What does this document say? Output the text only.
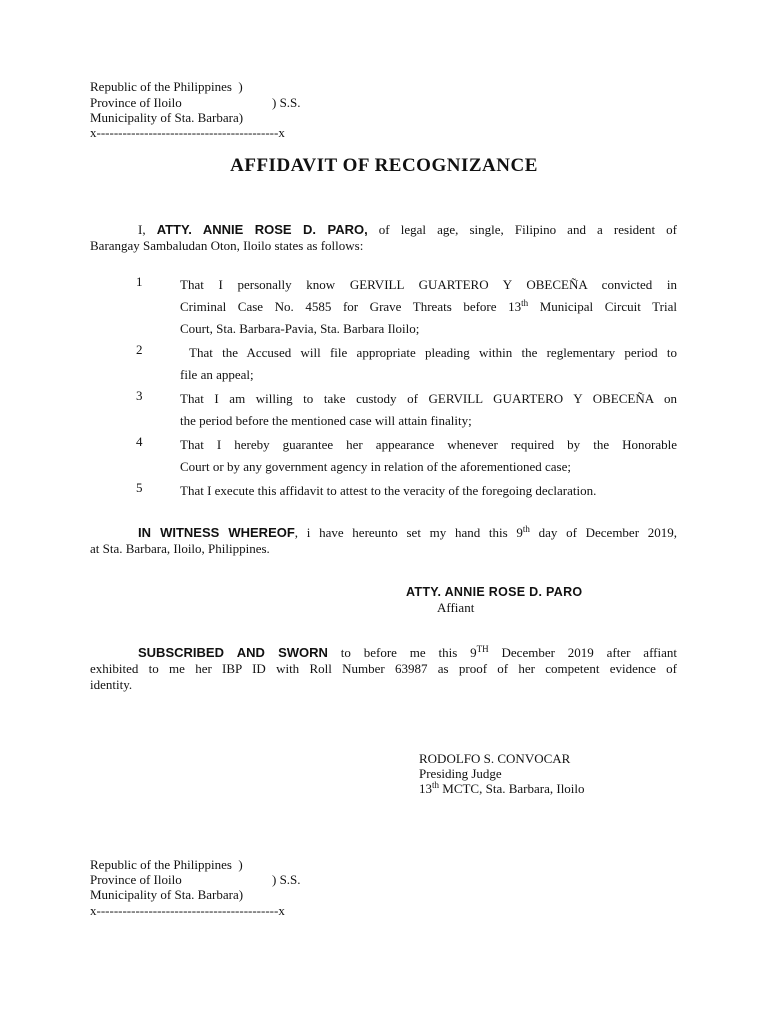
Republic of the Philippines  )

Province of Iloilo	) S.S.

Municipality of Sta. Barbara)

x------------------------------------------x

AFFIDAVIT OF RECOGNIZANCE
I, ATTY. ANNIE ROSE D. PARO, of legal age, single, Filipino and a resident of
Barangay Sambaludan Oton, Iloilo states as follows:

1	That I personally know GERVILL GUARTERO Y OBECEÑA convicted in
Criminal Case No. 4585 for Grave Threats before 13th Municipal Circuit Trial
Court, Sta. Barbara-Pavia, Sta. Barbara Iloilo;

2	That the Accused will file appropriate pleading within the reglementary period to
file an appeal;

3	That I am willing to take custody of GERVILL GUARTERO Y OBECEÑA on
the period before the mentioned case will attain finality;

4	That I hereby guarantee her appearance whenever required by the Honorable
Court or by any government agency in relation of the aforementioned case;

5	That I execute this affidavit to attest to the veracity of the foregoing declaration.
IN WITNESS WHEREOF, i have hereunto set my hand this 9th day of December 2019,
at Sta. Barbara, Iloilo, Philippines.

ATTY. ANNIE ROSE D. PARO

Affiant

SUBSCRIBED AND SWORN to before me this 9TH December 2019 after affiant
exhibited to me her IBP ID with Roll Number 63987 as proof of her competent evidence of
identity.

RODOLFO S. CONVOCAR

Presiding Judge

13th MCTC, Sta. Barbara, Iloilo

Republic of the Philippines  )

Province of Iloilo	) S.S.

Municipality of Sta. Barbara)

x------------------------------------------x
